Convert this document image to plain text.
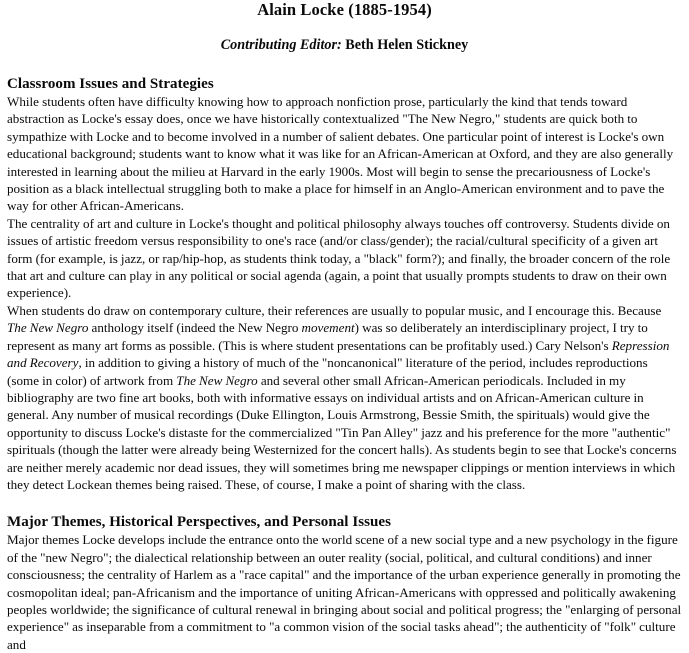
Alain Locke (1885-1954)
Contributing Editor: Beth Helen Stickney
Classroom Issues and Strategies

While students often have difficulty knowing how to approach nonfiction prose, particularly the kind that tends toward abstraction as Locke's essay does, once we have historically contextualized "The New Negro," students are quick both to sympathize with Locke and to become involved in a number of salient debates. One particular point of interest is Locke's own educational background; students want to know what it was like for an African-American at Oxford, and they are also generally interested in learning about the milieu at Harvard in the early 1900s. Most will begin to sense the precariousness of Locke's position as a black intellectual struggling both to make a place for himself in an Anglo-American environment and to pave the way for other African-Americans.

The centrality of art and culture in Locke's thought and political philosophy always touches off controversy. Students divide on issues of artistic freedom versus responsibility to one's race (and/or class/gender); the racial/cultural specificity of a given art form (for example, is jazz, or rap/hip-hop, as students think today, a "black" form?); and finally, the broader concern of the role that art and culture can play in any political or social agenda (again, a point that usually prompts students to draw on their own experience).

When students do draw on contemporary culture, their references are usually to popular music, and I encourage this. Because The New Negro anthology itself (indeed the New Negro movement) was so deliberately an interdisciplinary project, I try to represent as many art forms as possible. (This is where student presentations can be profitably used.) Cary Nelson's Repression and Recovery, in addition to giving a history of much of the "noncanonical" literature of the period, includes reproductions (some in color) of artwork from The New Negro and several other small African-American periodicals. Included in my bibliography are two fine art books, both with informative essays on individual artists and on African-American culture in general. Any number of musical recordings (Duke Ellington, Louis Armstrong, Bessie Smith, the spirituals) would give the opportunity to discuss Locke's distaste for the commercialized "Tin Pan Alley" jazz and his preference for the more "authentic" spirituals (though the latter were already being Westernized for the concert halls). As students begin to see that Locke's concerns are neither merely academic nor dead issues, they will sometimes bring me newspaper clippings or mention interviews in which they detect Lockean themes being raised. These, of course, I make a point of sharing with the class.

Major Themes, Historical Perspectives, and Personal Issues

Major themes Locke develops include the entrance onto the world scene of a new social type and a new psychology in the figure of the "new Negro"; the dialectical relationship between an outer reality (social, political, and cultural conditions) and inner consciousness; the centrality of Harlem as a "race capital" and the importance of the urban experience generally in promoting the cosmopolitan ideal; pan-Africanism and the importance of uniting African-Americans with oppressed and politically awakening peoples worldwide; the significance of cultural renewal in bringing about social and political progress; the "enlarging of personal experience" as inseparable from a commitment to "a common vision of the social tasks ahead"; the authenticity of "folk" culture and
